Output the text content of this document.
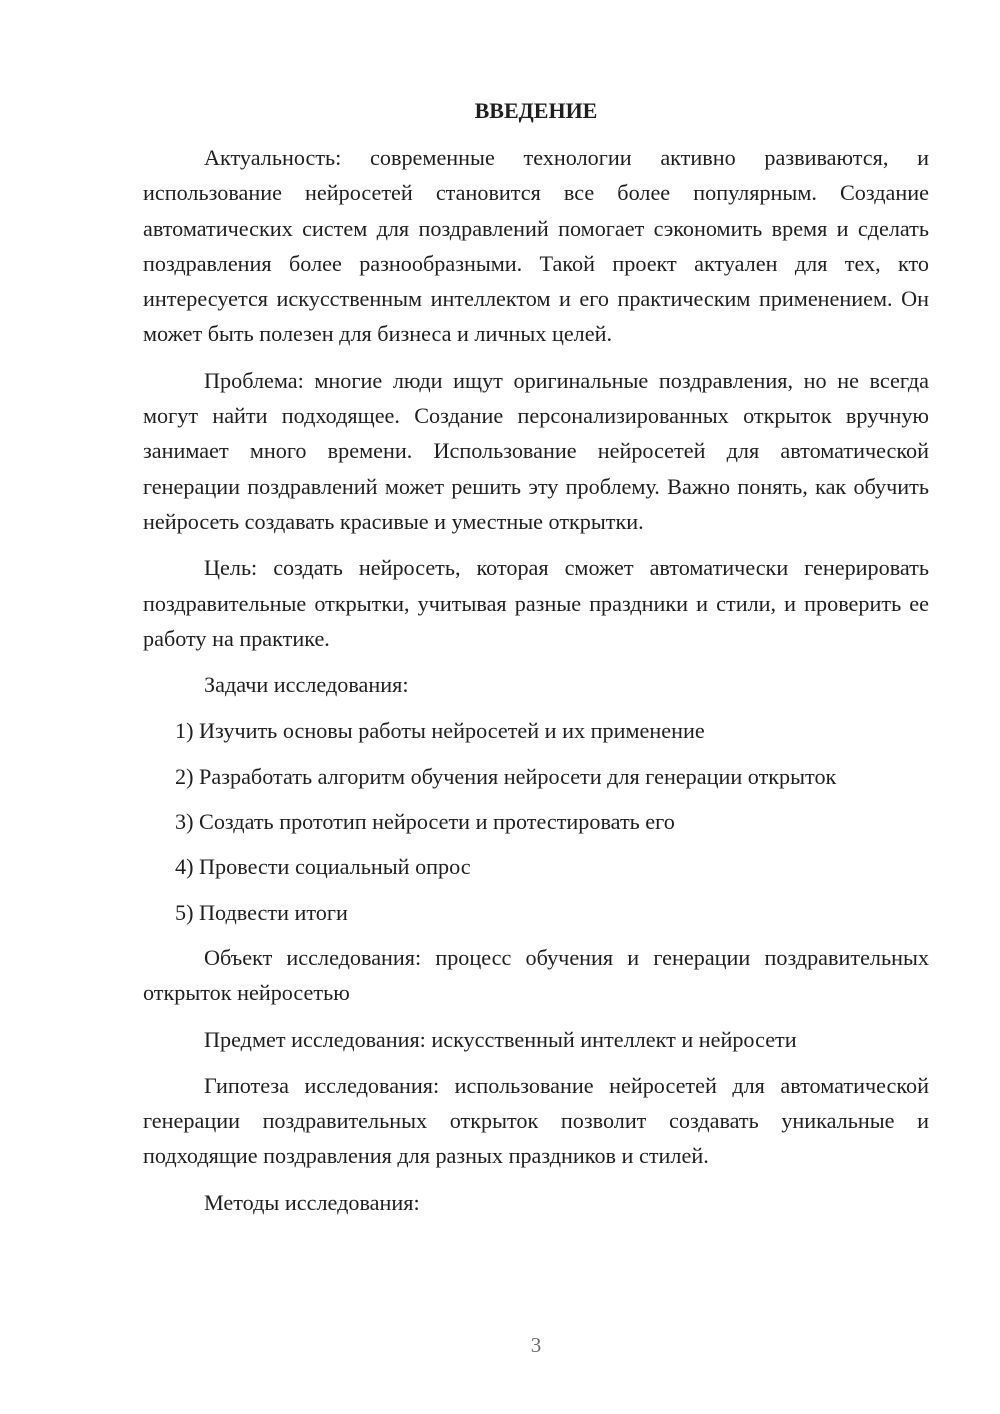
ВВЕДЕНИЕ

Актуальность: современные технологии активно развиваются, и использование нейросетей становится все более популярным. Создание автоматических систем для поздравлений помогает сэкономить время и сделать поздравления более разнообразными. Такой проект актуален для тех, кто интересуется искусственным интеллектом и его практическим применением. Он может быть полезен для бизнеса и личных целей.

Проблема: многие люди ищут оригинальные поздравления, но не всегда могут найти подходящее. Создание персонализированных открыток вручную занимает много времени. Использование нейросетей для автоматической генерации поздравлений может решить эту проблему. Важно понять, как обучить нейросеть создавать красивые и уместные открытки.

Цель: создать нейросеть, которая сможет автоматически генерировать поздравительные открытки, учитывая разные праздники и стили, и проверить ее работу на практике.

Задачи исследования:

1) Изучить основы работы нейросетей и их применение
2) Разработать алгоритм обучения нейросети для генерации открыток
3) Создать прототип нейросети и протестировать его
4) Провести социальный опрос
5) Подвести итоги

Объект исследования: процесс обучения и генерации поздравительных открыток нейросетью

Предмет исследования: искусственный интеллект и нейросети

Гипотеза исследования: использование нейросетей для автоматической генерации поздравительных открыток позволит создавать уникальные и подходящие поздравления для разных праздников и стилей.

Методы исследования:

3
